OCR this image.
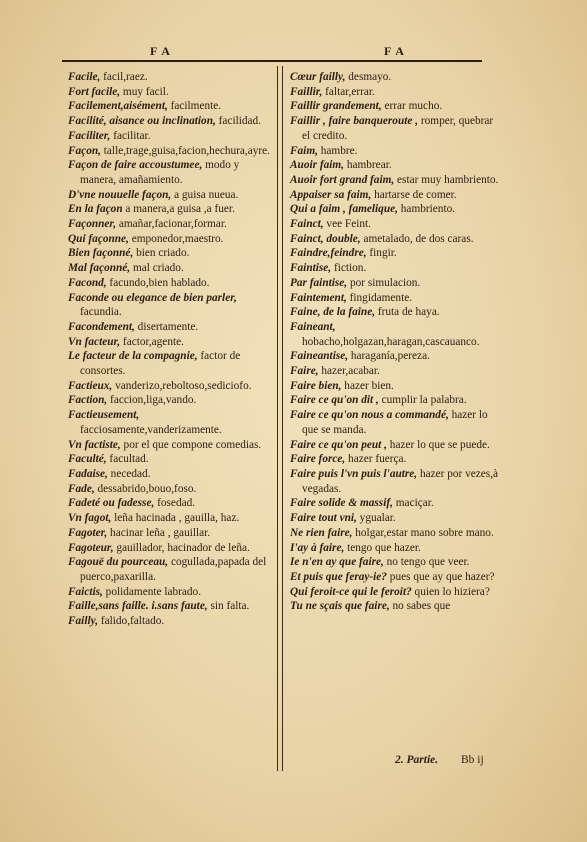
F A	F A

Facile, facil,raez.

Fort facile, muy facil.

Facilement,aisément, facilmente.

Facilité, aisance ou inclination, facilidad.

Faciliter, facilitar.

Façon, talle,trage,guisa,facion,hechura,ayre.

Façon de faire accoustumee, modo y manera, amañamiento.

D'vne nouuelle façon, a guisa nueua.

En la façon a manera,a guisa ,a fuer.

Façonner, amañar,facionar,formar.

Qui façonne, emponedor,maestro.

Bien façonné, bien criado.

Mal façonné, mal criado.

Facond, facundo,bien hablado.

Faconde ou elegance de bien parler, facundia.

Facondement, disertamente.

Vn facteur, factor,agente.

Le facteur de la compagnie, factor de consortes.

Factieux, vanderizo,reboltoso,sediciofo.

Faction, faccion,liga,vando.

Factieusement, facciosamente,vanderizamente.

Vn factiste, por el que compone comedias.

Faculté, facultad.

Fadaise, necedad.

Fade, dessabrido,bouo,foso.

Fadeté ou fadesse, fosedad.

Vn fagot, leña hacinada , gauilla, haz.

Fagoter, hacinar leña , gauillar.

Fagoteur, gauillador, hacinador de leña.

Fagouë du pourceau, cogullada,papada del puerco,paxarilla.

Faictis, polidamente labrado.

Faille,sans faille. i.sans faute, sin falta.

Failly, falido,faltado.

Cœur failly, desmayo.

Faillir, faltar,errar.

Faillir grandement, errar mucho.

Faillir , faire banqueroute , romper, quebrar el credito.

Faim, hambre.

Auoir faim, hambrear.

Auoir fort grand faim, estar muy hambriento.

Appaiser sa faim, hartarse de comer.

Qui a faim , famelique, hambriento.

Fainct, vee Feint.

Fainct, double, ametalado, de dos caras.

Faindre,feindre, fingir.

Faintise, fiction.

Par faintise, por simulacion.

Faintement, fingidamente.

Faine, de la faine, fruta de haya.

Faineant, hobacho,holgazan,haragan,cascauanco.

Faineantise, haraganía,pereza.

Faire, hazer,acabar.

Faire bien, hazer bien.

Faire ce qu'on dit , cumplir la palabra.

Faire ce qu'on nous a commandé, hazer lo que se manda.

Faire ce qu'on peut , hazer lo que se puede.

Faire force, hazer fuerça.

Faire puis l'vn puis l'autre, hazer por vezes,à vegadas.

Faire solide & massif, maciçar.

Faire tout vni, ygualar.

Ne rien faire, holgar,estar mano sobre mano.

I'ay à faire, tengo que hazer.

Ie n'en ay que faire, no tengo que veer.

Et puis que feray-ie? pues que ay que hazer?

Qui feroit-ce qui le feroit? quien lo hiziera?

Tu ne sçais que faire, no sabes que

2. Partie. Bb ij
